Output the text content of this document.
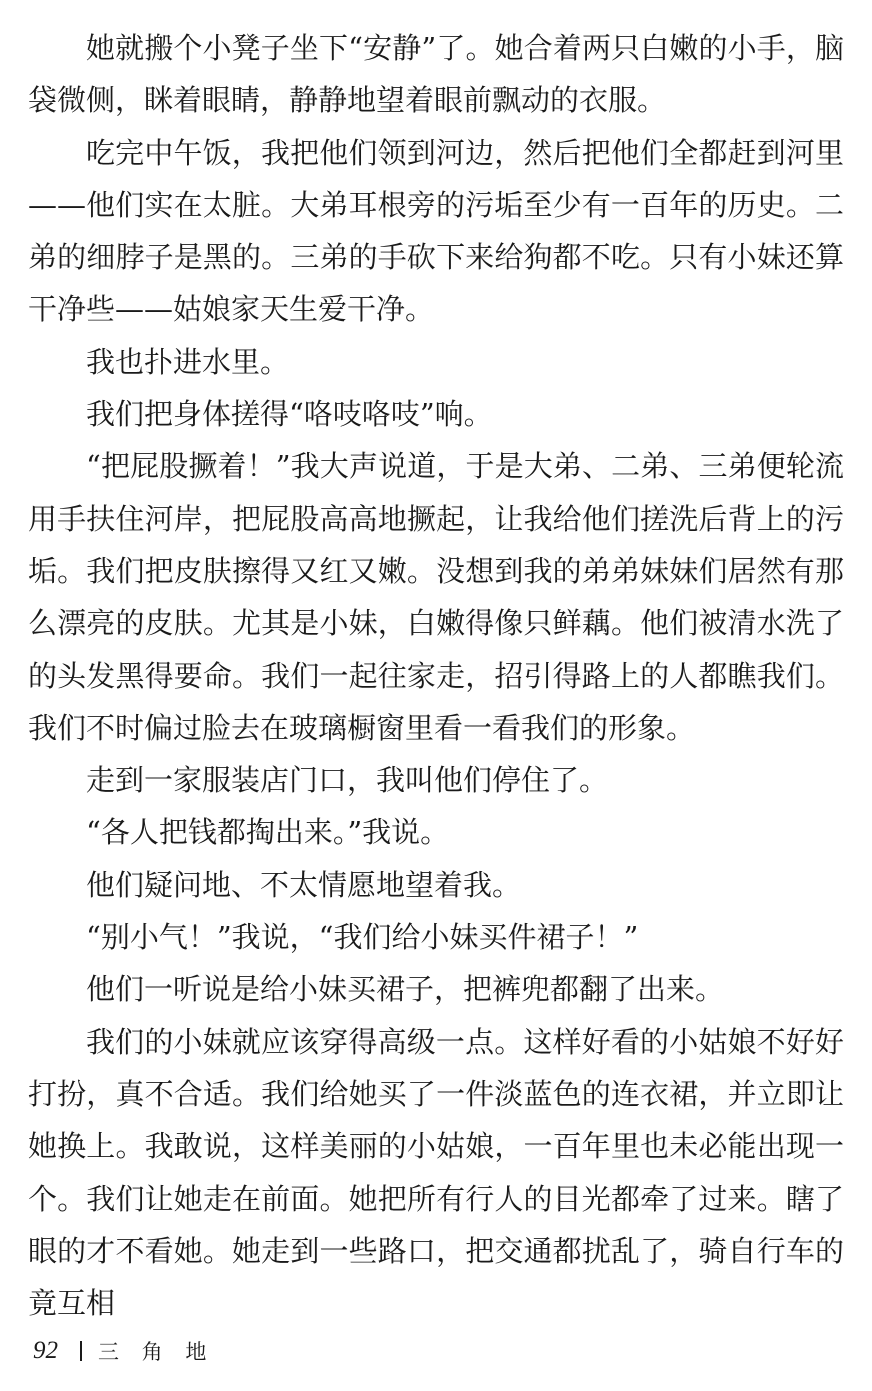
她就搬个小凳子坐下“安静”了。她合着两只白嫩的小手，脑袋微侧，眯着眼睛，静静地望着眼前飘动的衣服。

吃完中午饭，我把他们领到河边，然后把他们全都赶到河里——他们实在太脏。大弟耳根旁的污垢至少有一百年的历史。二弟的细脖子是黑的。三弟的手砍下来给狗都不吃。只有小妹还算干净些——姑娘家天生爱干净。

我也扑进水里。

我们把身体搓得“咯吱咯吱”响。

“把屁股撅着！”我大声说道，于是大弟、二弟、三弟便轮流用手扶住河岸，把屁股高高地撅起，让我给他们搓洗后背上的污垢。我们把皮肤擦得又红又嫩。没想到我的弟弟妹妹们居然有那么漂亮的皮肤。尤其是小妹，白嫩得像只鲜藕。他们被清水洗了的头发黑得要命。我们一起往家走，招引得路上的人都瞧我们。我们不时偏过脸去在玻璃橱窗里看一看我们的形象。

走到一家服装店门口，我叫他们停住了。

“各人把钱都掏出来。”我说。

他们疑问地、不太情愿地望着我。

“别小气！”我说，“我们给小妹买件裙子！”

他们一听说是给小妹买裙子，把裤兜都翻了出来。

我们的小妹就应该穿得高级一点。这样好看的小姑娘不好好打扮，真不合适。我们给她买了一件淡蓝色的连衣裙，并立即让她换上。我敢说，这样美丽的小姑娘，一百年里也未必能出现一个。我们让她走在前面。她把所有行人的目光都牵了过来。瞎了眼的才不看她。她走到一些路口，把交通都扰乱了，骑自行车的竟互相

92 三 角 地
